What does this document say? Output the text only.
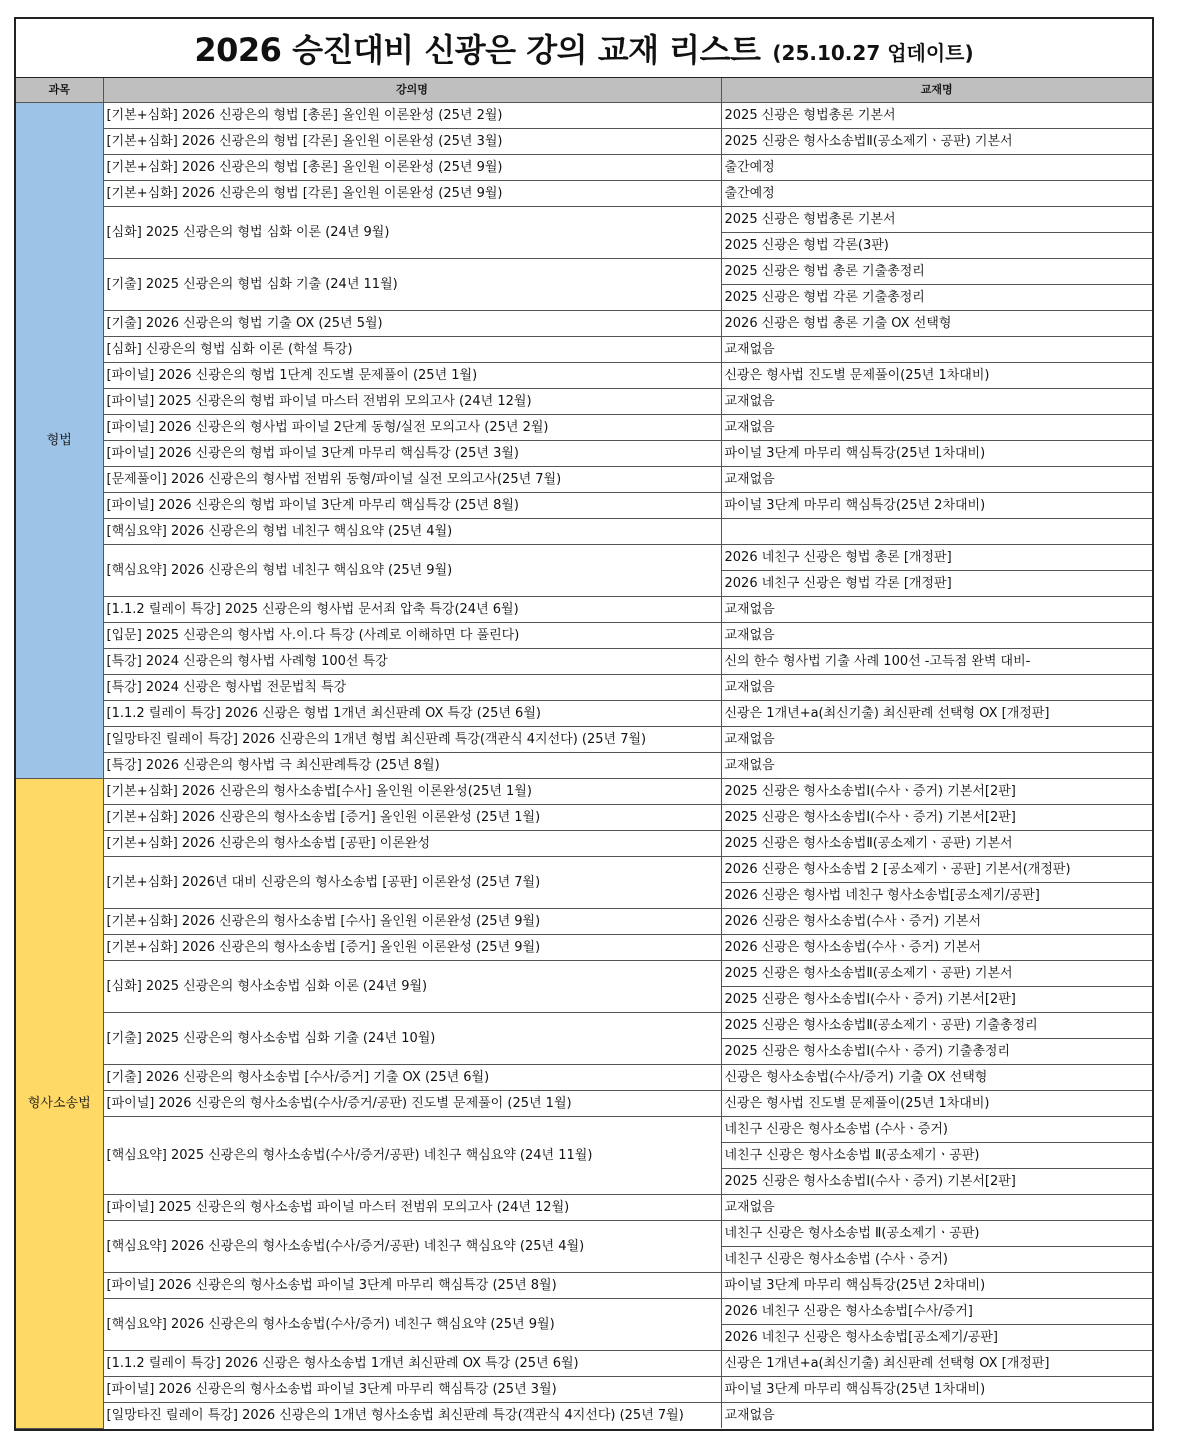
2026 승진대비 신광은 강의 교재 리스트 (25.10.27 업데이트)
과목	강의명	교재명
형법	[기본+심화] 2026 신광은의 형법 [총론] 올인원 이론완성 (25년 2월)	2025 신광은 형법총론 기본서
	[기본+심화] 2026 신광은의 형법 [각론] 올인원 이론완성 (25년 3월)	2025 신광은 형사소송법Ⅱ(공소제기ㆍ공판) 기본서
	[기본+심화] 2026 신광은의 형법 [총론] 올인원 이론완성 (25년 9월)	출간예정
	[기본+심화] 2026 신광은의 형법 [각론] 올인원 이론완성 (25년 9월)	출간예정
	[심화] 2025 신광은의 형법 심화 이론 (24년 9월)	2025 신광은 형법총론 기본서
		2025 신광은 형법 각론(3판)
	[기출] 2025 신광은의 형법 심화 기출 (24년 11월)	2025 신광은 형법 총론 기출총정리
		2025 신광은 형법 각론 기출총정리
	[기출] 2026 신광은의 형법 기출 OX (25년 5월)	2026 신광은 형법 총론 기출 OX 선택형
	[심화] 신광은의 형법 심화 이론 (학설 특강)	교재없음
	[파이널] 2026 신광은의 형법 1단계 진도별 문제풀이 (25년 1월)	신광은 형사법 진도별 문제풀이(25년 1차대비)
	[파이널] 2025 신광은의 형법 파이널 마스터 전범위 모의고사 (24년 12월)	교재없음
	[파이널] 2026 신광은의 형사법 파이널 2단계 동형/실전 모의고사 (25년 2월)	교재없음
	[파이널] 2026 신광은의 형법 파이널 3단계 마무리 핵심특강 (25년 3월)	파이널 3단계 마무리 핵심특강(25년 1차대비)
	[문제풀이] 2026 신광은의 형사법 전범위 동형/파이널 실전 모의고사(25년 7월)	교재없음
	[파이널] 2026 신광은의 형법 파이널 3단계 마무리 핵심특강 (25년 8월)	파이널 3단계 마무리 핵심특강(25년 2차대비)
	[핵심요약] 2026 신광은의 형법 네친구 핵심요약 (25년 4월)	
	[핵심요약] 2026 신광은의 형법 네친구 핵심요약 (25년 9월)	2026 네친구 신광은 형법 총론 [개정판]
		2026 네친구 신광은 형법 각론 [개정판]
	[1.1.2 릴레이 특강] 2025 신광은의 형사법 문서죄 압축 특강(24년 6월)	교재없음
	[입문] 2025 신광은의 형사법 사.이.다 특강 (사례로 이해하면 다 풀린다)	교재없음
	[특강] 2024 신광은의 형사법 사례형 100선 특강	신의 한수 형사법 기출 사례 100선 -고득점 완벽 대비-
	[특강] 2024 신광은 형사법 전문법칙 특강	교재없음
	[1.1.2 릴레이 특강] 2026 신광은 형법 1개년 최신판례 OX 특강 (25년 6월)	신광은 1개년+a(최신기출) 최신판례 선택형 OX [개정판]
	[일망타진 릴레이 특강] 2026 신광은의 1개년 형법 최신판례 특강(객관식 4지선다) (25년 7월)	교재없음
	[특강] 2026 신광은의 형사법 극 최신판례특강 (25년 8월)	교재없음
형사소송법	[기본+심화] 2026 신광은의 형사소송법[수사] 올인원 이론완성(25년 1월)	2025 신광은 형사소송법Ⅰ(수사ㆍ증거) 기본서[2판]
	[기본+심화] 2026 신광은의 형사소송법 [증거] 올인원 이론완성 (25년 1월)	2025 신광은 형사소송법Ⅰ(수사ㆍ증거) 기본서[2판]
	[기본+심화] 2026 신광은의 형사소송법 [공판] 이론완성	2025 신광은 형사소송법Ⅱ(공소제기ㆍ공판) 기본서
	[기본+심화] 2026년 대비 신광은의 형사소송법 [공판] 이론완성 (25년 7월)	2026 신광은 형사소송법 2 [공소제기ㆍ공판] 기본서(개정판)
		2026 신광은 형사법 네친구 형사소송법[공소제기/공판]
	[기본+심화] 2026 신광은의 형사소송법 [수사] 올인원 이론완성 (25년 9월)	2026 신광은 형사소송법(수사ㆍ증거) 기본서
	[기본+심화] 2026 신광은의 형사소송법 [증거] 올인원 이론완성 (25년 9월)	2026 신광은 형사소송법(수사ㆍ증거) 기본서
	[심화] 2025 신광은의 형사소송법 심화 이론 (24년 9월)	2025 신광은 형사소송법Ⅱ(공소제기ㆍ공판) 기본서
		2025 신광은 형사소송법Ⅰ(수사ㆍ증거) 기본서[2판]
	[기출] 2025 신광은의 형사소송법 심화 기출 (24년 10월)	2025 신광은 형사소송법Ⅱ(공소제기ㆍ공판) 기출총정리
		2025 신광은 형사소송법Ⅰ(수사ㆍ증거) 기출총정리
	[기출] 2026 신광은의 형사소송법 [수사/증거] 기출 OX (25년 6월)	신광은 형사소송법(수사/증거) 기출 OX 선택형
	[파이널] 2026 신광은의 형사소송법(수사/증거/공판) 진도별 문제풀이 (25년 1월)	신광은 형사법 진도별 문제풀이(25년 1차대비)
	[핵심요약] 2025 신광은의 형사소송법(수사/증거/공판) 네친구 핵심요약 (24년 11월)	네친구 신광은 형사소송법 (수사ㆍ증거)
		네친구 신광은 형사소송법 Ⅱ(공소제기ㆍ공판)
		2025 신광은 형사소송법Ⅰ(수사ㆍ증거) 기본서[2판]
	[파이널] 2025 신광은의 형사소송법 파이널 마스터 전범위 모의고사 (24년 12월)	교재없음
	[핵심요약] 2026 신광은의 형사소송법(수사/증거/공판) 네친구 핵심요약 (25년 4월)	네친구 신광은 형사소송법 Ⅱ(공소제기ㆍ공판)
		네친구 신광은 형사소송법 (수사ㆍ증거)
	[파이널] 2026 신광은의 형사소송법 파이널 3단계 마무리 핵심특강 (25년 8월)	파이널 3단계 마무리 핵심특강(25년 2차대비)
	[핵심요약] 2026 신광은의 형사소송법(수사/증거) 네친구 핵심요약 (25년 9월)	2026 네친구 신광은 형사소송법[수사/증거]
		2026 네친구 신광은 형사소송법[공소제기/공판]
	[1.1.2 릴레이 특강] 2026 신광은 형사소송법 1개년 최신판례 OX 특강 (25년 6월)	신광은 1개년+a(최신기출) 최신판례 선택형 OX [개정판]
	[파이널] 2026 신광은의 형사소송법 파이널 3단계 마무리 핵심특강 (25년 3월)	파이널 3단계 마무리 핵심특강(25년 1차대비)
	[일망타진 릴레이 특강] 2026 신광은의 1개년 형사소송법 최신판례 특강(객관식 4지선다) (25년 7월)	교재없음
